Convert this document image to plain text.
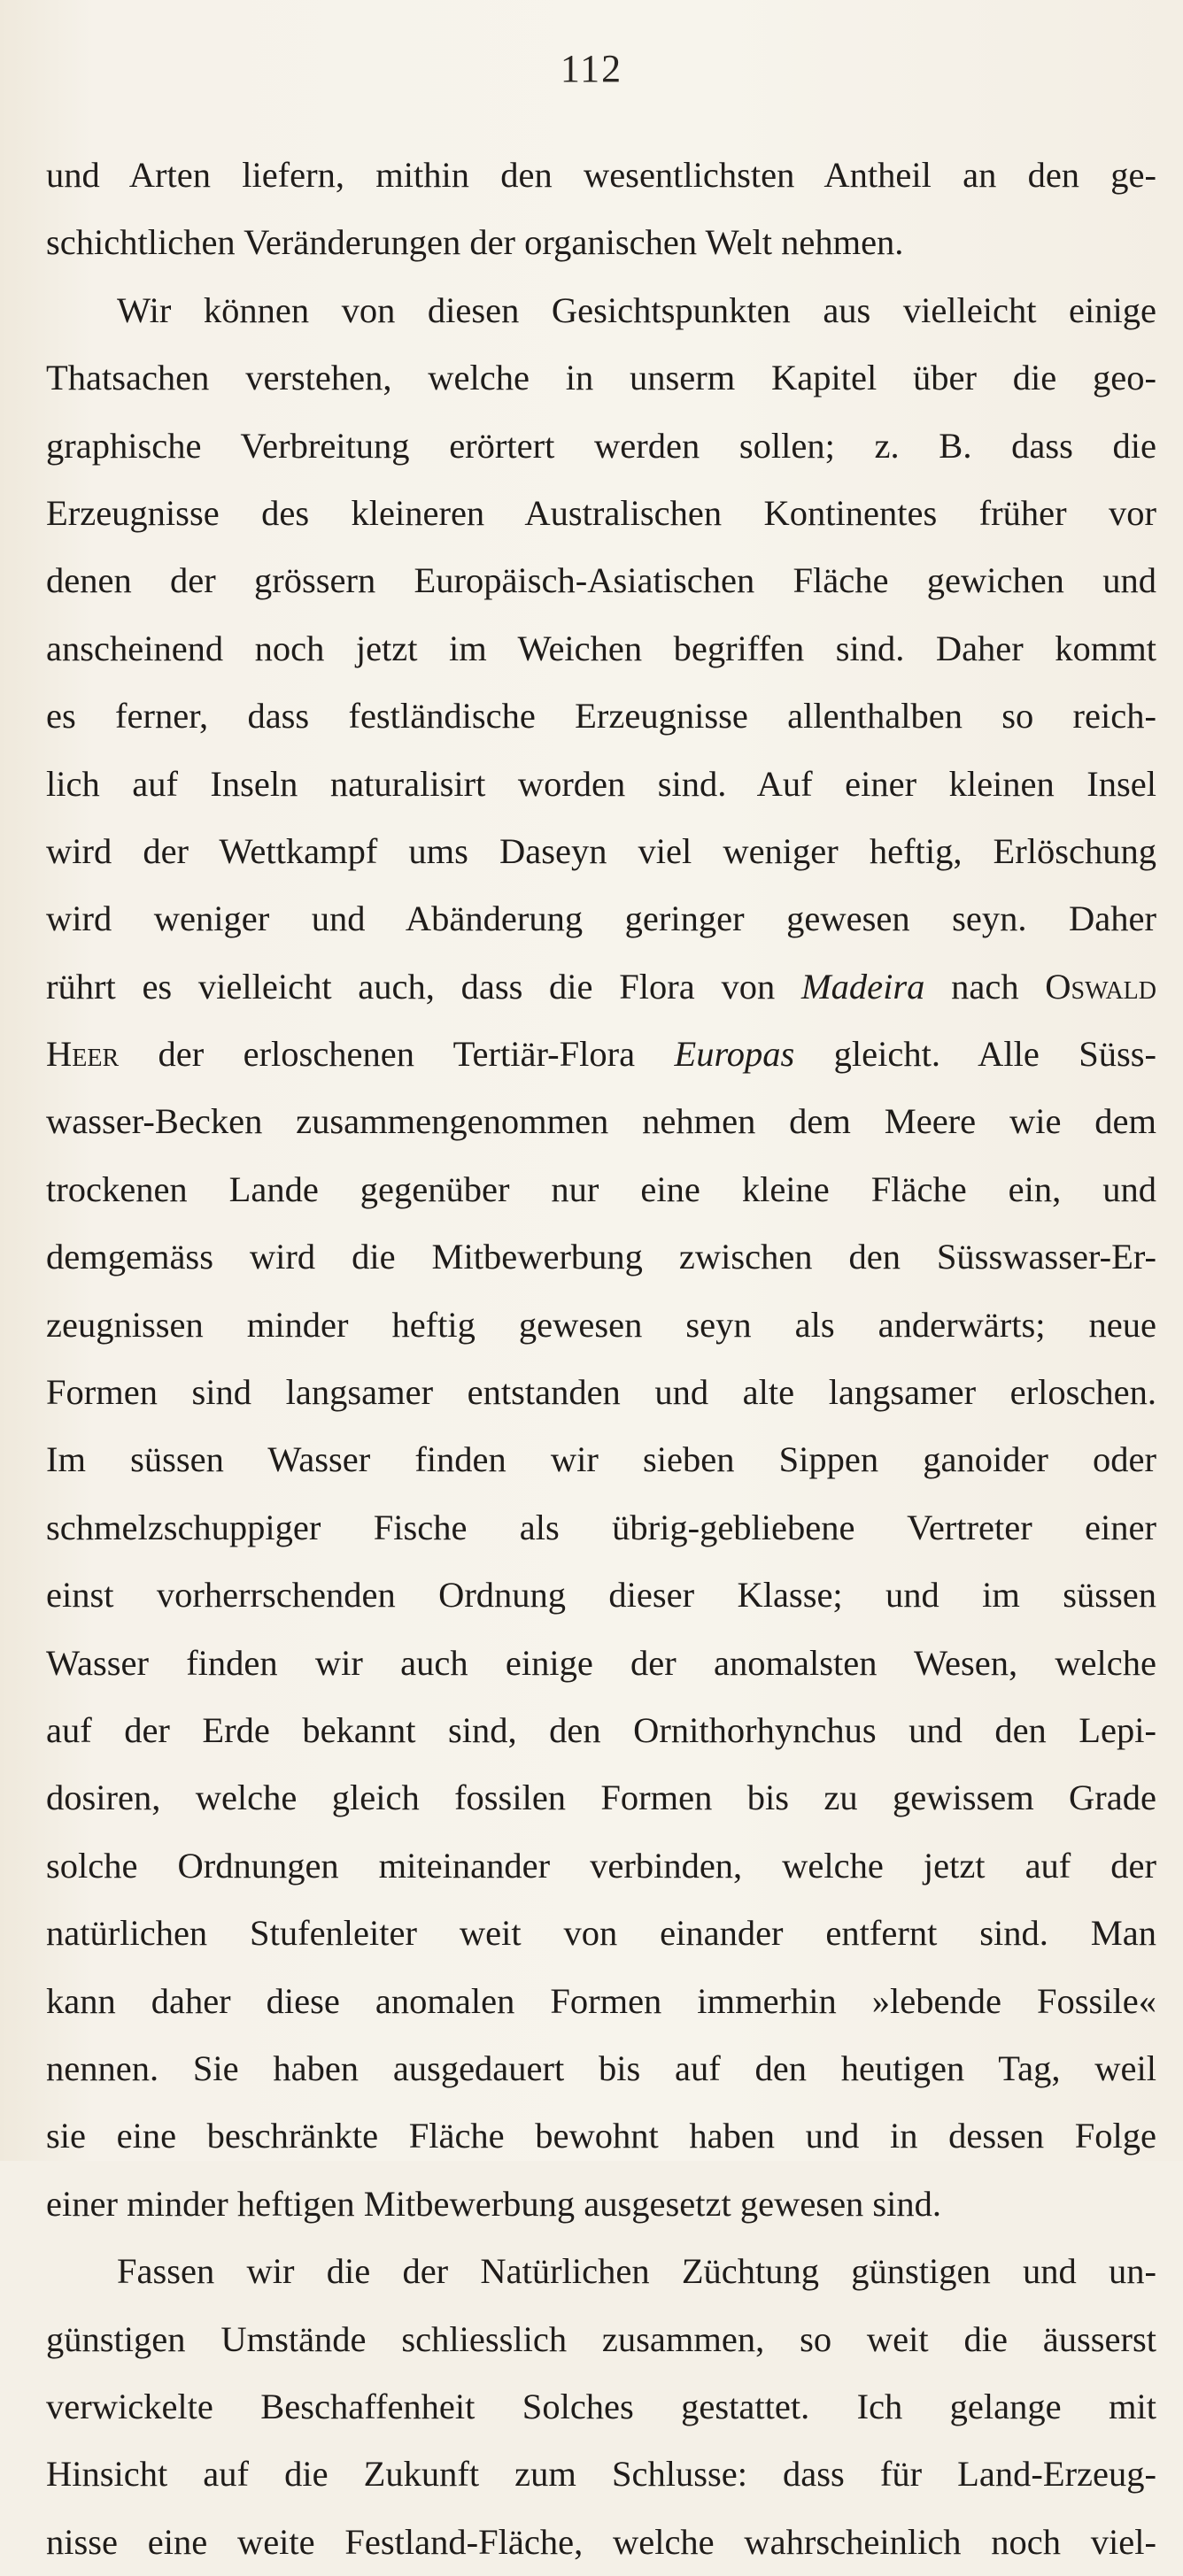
112
und Arten liefern, mithin den wesentlichsten Antheil an den ge-
schichtlichen Veränderungen der organischen Welt nehmen.
Wir können von diesen Gesichtspunkten aus vielleicht einige
Thatsachen verstehen, welche in unserm Kapitel über die geo-
graphische Verbreitung erörtert werden sollen; z. B. dass die
Erzeugnisse des kleineren Australischen Kontinentes früher vor
denen der grössern Europäisch-Asiatischen Fläche gewichen und
anscheinend noch jetzt im Weichen begriffen sind. Daher kommt
es ferner, dass festländische Erzeugnisse allenthalben so reich-
lich auf Inseln naturalisirt worden sind. Auf einer kleinen Insel
wird der Wettkampf ums Daseyn viel weniger heftig, Erlöschung
wird weniger und Abänderung geringer gewesen seyn. Daher
rührt es vielleicht auch, dass die Flora von Madeira nach Oswald
Heer der erloschenen Tertiär-Flora Europas gleicht. Alle Süss-
wasser-Becken zusammengenommen nehmen dem Meere wie dem
trockenen Lande gegenüber nur eine kleine Fläche ein, und
demgemäss wird die Mitbewerbung zwischen den Süsswasser-Er-
zeugnissen minder heftig gewesen seyn als anderwärts; neue
Formen sind langsamer entstanden und alte langsamer erloschen.
Im süssen Wasser finden wir sieben Sippen ganoider oder
schmelzschuppiger Fische als übrig-gebliebene Vertreter einer
einst vorherrschenden Ordnung dieser Klasse; und im süssen
Wasser finden wir auch einige der anomalsten Wesen, welche
auf der Erde bekannt sind, den Ornithorhynchus und den Lepi-
dosiren, welche gleich fossilen Formen bis zu gewissem Grade
solche Ordnungen miteinander verbinden, welche jetzt auf der
natürlichen Stufenleiter weit von einander entfernt sind. Man
kann daher diese anomalen Formen immerhin »lebende Fossile«
nennen. Sie haben ausgedauert bis auf den heutigen Tag, weil
sie eine beschränkte Fläche bewohnt haben und in dessen Folge
einer minder heftigen Mitbewerbung ausgesetzt gewesen sind.
Fassen wir die der Natürlichen Züchtung günstigen und un-
günstigen Umstände schliesslich zusammen, so weit die äusserst
verwickelte Beschaffenheit Solches gestattet. Ich gelange mit
Hinsicht auf die Zukunft zum Schlusse: dass für Land-Erzeug-
nisse eine weite Festland-Fläche, welche wahrscheinlich noch viel-
